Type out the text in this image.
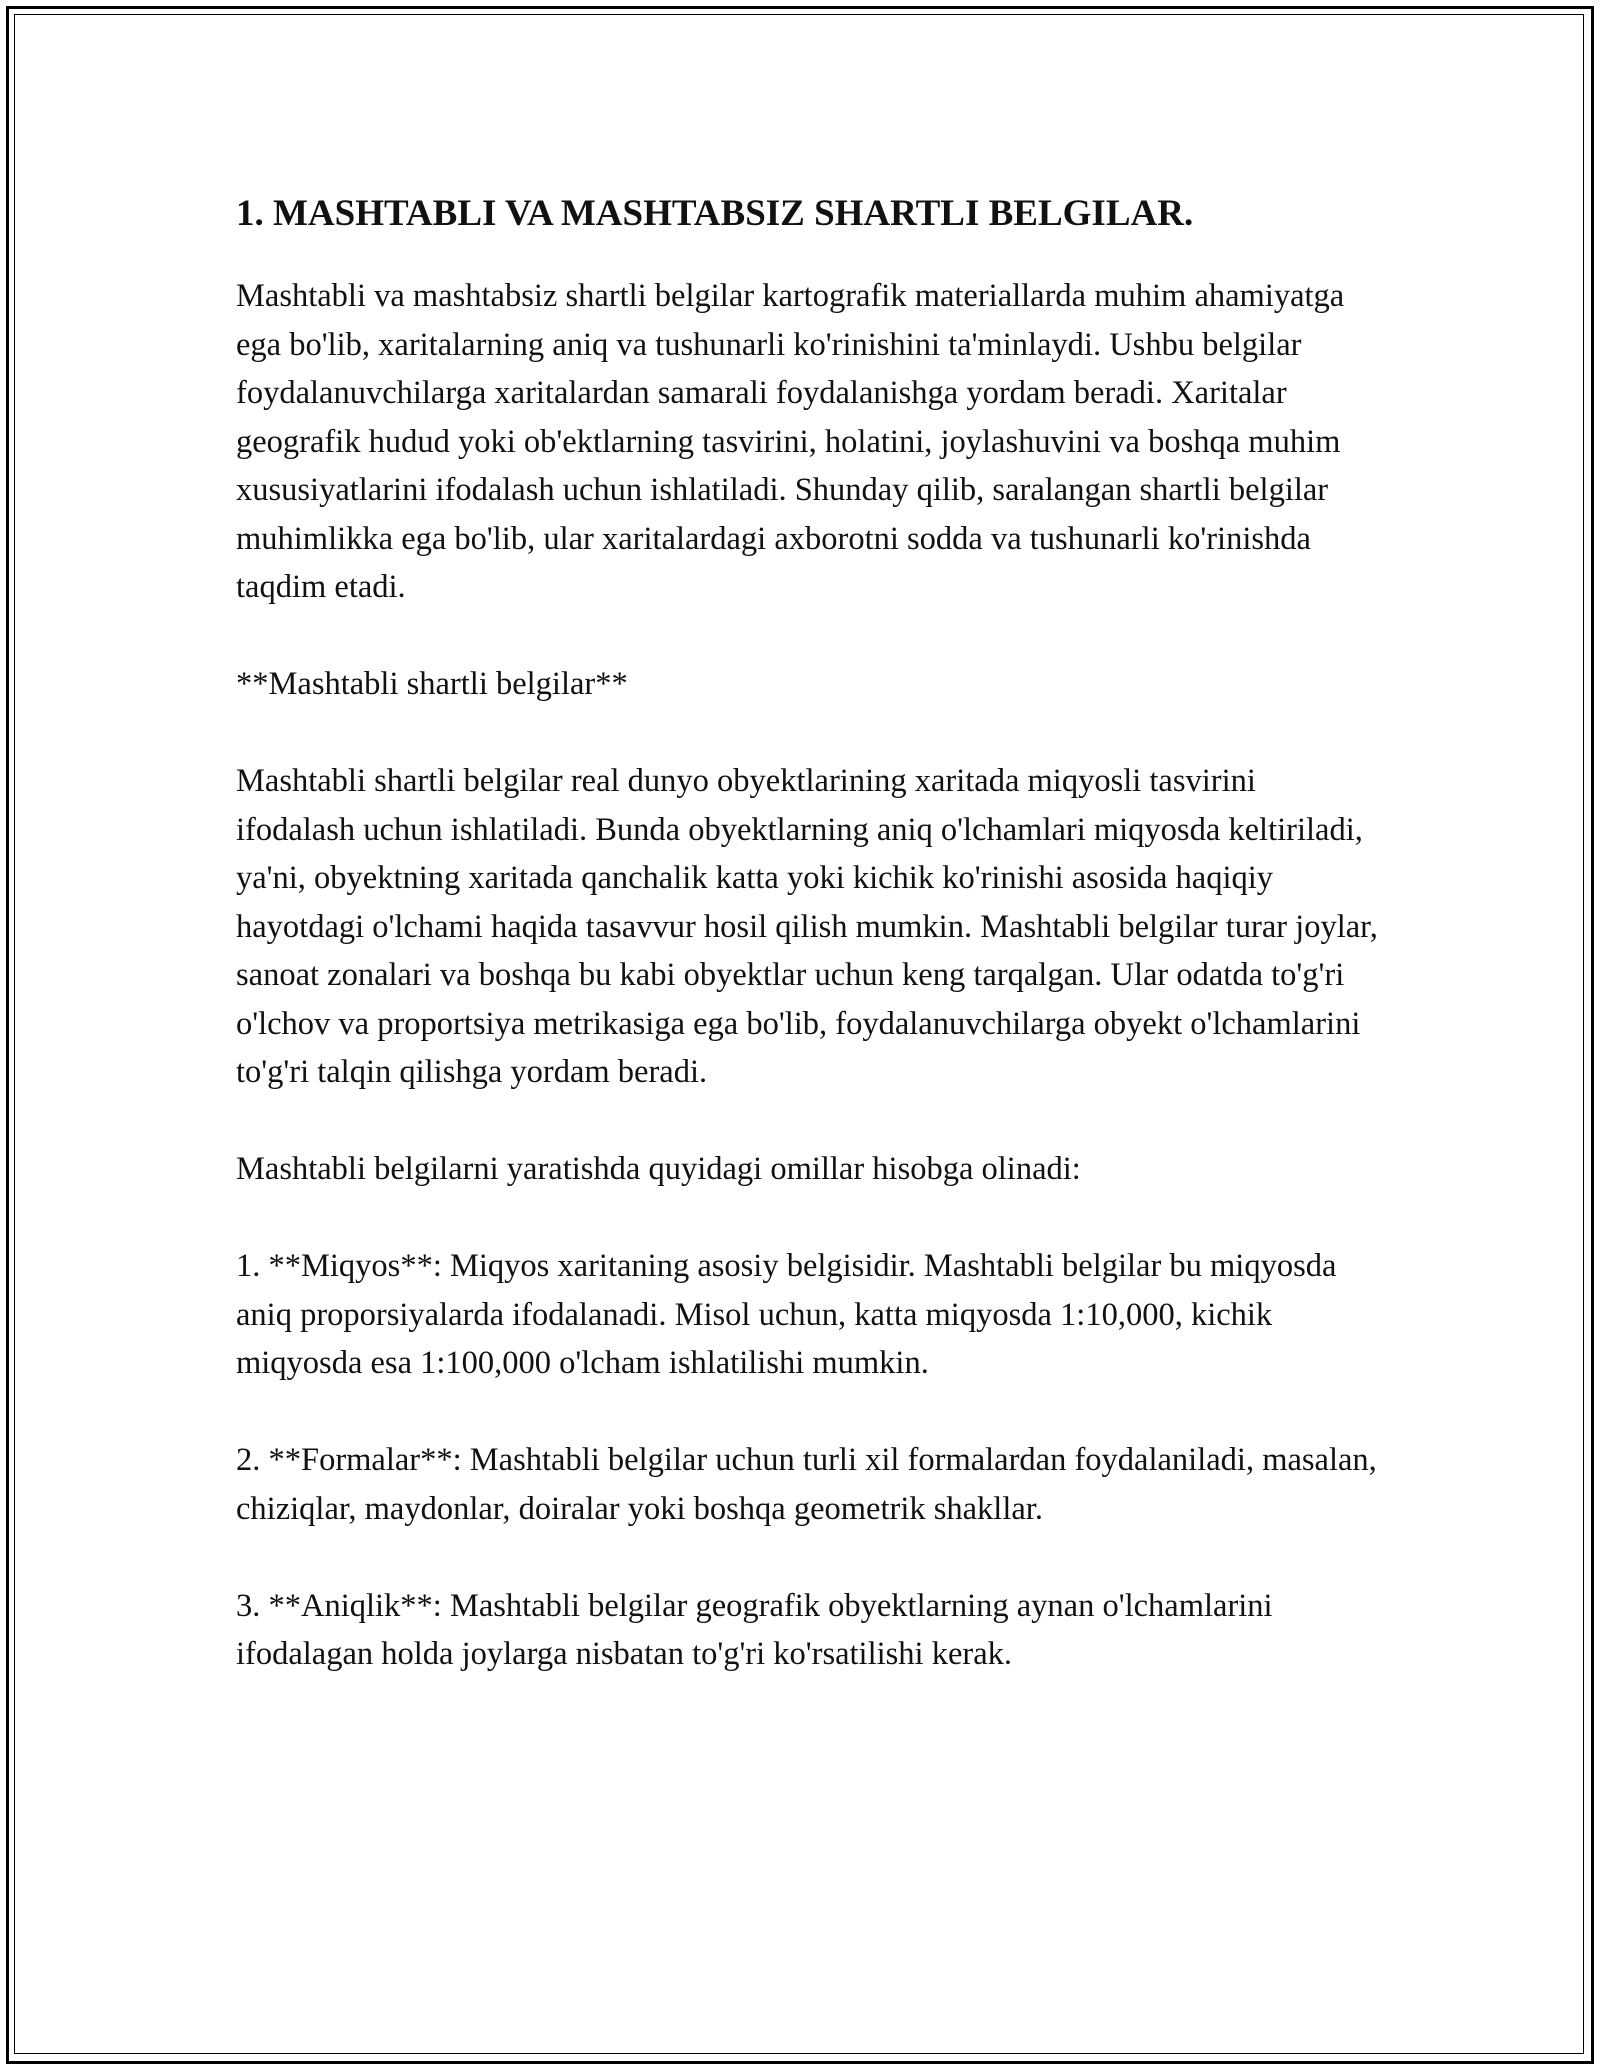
1. MASHTABLI VA MASHTABSIZ SHARTLI BELGILAR.

Mashtabli va mashtabsiz shartli belgilar kartografik materiallarda muhim ahamiyatga ega bo'lib, xaritalarning aniq va tushunarli ko'rinishini ta'minlaydi. Ushbu belgilar foydalanuvchilarga xaritalardan samarali foydalanishga yordam beradi. Xaritalar geografik hudud yoki ob'ektlarning tasvirini, holatini, joylashuvini va boshqa muhim xususiyatlarini ifodalash uchun ishlatiladi. Shunday qilib, saralangan shartli belgilar muhimlikka ega bo'lib, ular xaritalardagi axborotni sodda va tushunarli ko'rinishda taqdim etadi.

**Mashtabli shartli belgilar**

Mashtabli shartli belgilar real dunyo obyektlarining xaritada miqyosli tasvirini ifodalash uchun ishlatiladi. Bunda obyektlarning aniq o'lchamlari miqyosda keltiriladi, ya'ni, obyektning xaritada qanchalik katta yoki kichik ko'rinishi asosida haqiqiy hayotdagi o'lchami haqida tasavvur hosil qilish mumkin. Mashtabli belgilar turar joylar, sanoat zonalari va boshqa bu kabi obyektlar uchun keng tarqalgan. Ular odatda to'g'ri o'lchov va proportsiya metrikasiga ega bo'lib, foydalanuvchilarga obyekt o'lchamlarini to'g'ri talqin qilishga yordam beradi.

Mashtabli belgilarni yaratishda quyidagi omillar hisobga olinadi:

1. **Miqyos**: Miqyos xaritaning asosiy belgisidir. Mashtabli belgilar bu miqyosda aniq proporsiyalarda ifodalanadi. Misol uchun, katta miqyosda 1:10,000, kichik miqyosda esa 1:100,000 o'lcham ishlatilishi mumkin.

2. **Formalar**: Mashtabli belgilar uchun turli xil formalardan foydalaniladi, masalan, chiziqlar, maydonlar, doiralar yoki boshqa geometrik shakllar.

3. **Aniqlik**: Mashtabli belgilar geografik obyektlarning aynan o'lchamlarini ifodalagan holda joylarga nisbatan to'g'ri ko'rsatilishi kerak.
